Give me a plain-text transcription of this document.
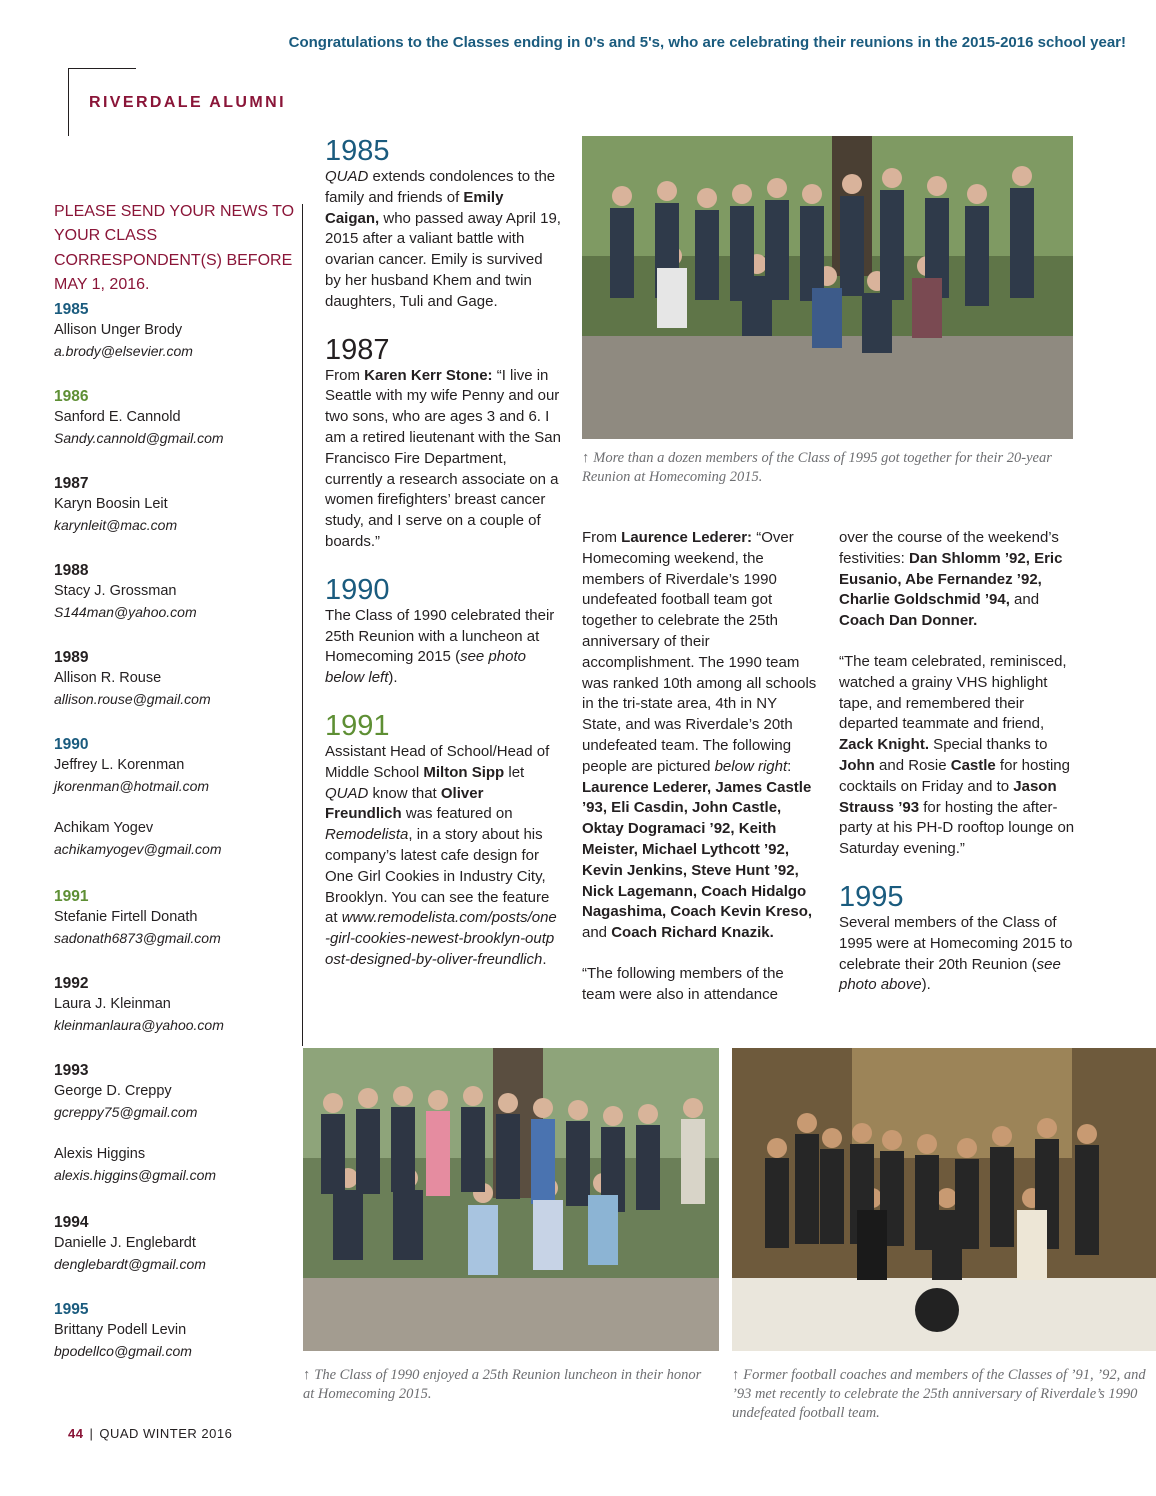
Congratulations to the Classes ending in 0's and 5's, who are celebrating their reunions in the 2015-2016 school year!
RIVERDALE ALUMNI
PLEASE SEND YOUR NEWS TO YOUR CLASS CORRESPONDENT(S) BEFORE MAY 1, 2016.
1985
Allison Unger Brody
a.brody@elsevier.com
1986
Sanford E. Cannold
Sandy.cannold@gmail.com
1987
Karyn Boosin Leit
karynleit@mac.com
1988
Stacy J. Grossman
S144man@yahoo.com
1989
Allison R. Rouse
allison.rouse@gmail.com
1990
Jeffrey L. Korenman
jkorenman@hotmail.com
Achikam Yogev
achikamyogev@gmail.com
1991
Stefanie Firtell Donath
sadonath6873@gmail.com
1992
Laura J. Kleinman
kleinmanlaura@yahoo.com
1993
George D. Creppy
gcreppy75@gmail.com
Alexis Higgins
alexis.higgins@gmail.com
1994
Danielle J. Englebardt
denglebardt@gmail.com
1995
Brittany Podell Levin
bpodellco@gmail.com
1985

QUAD extends condolences to the family and friends of Emily Caigan, who passed away April 19, 2015 after a valiant battle with ovarian cancer. Emily is survived by her husband Khem and twin daughters, Tuli and Gage.

1987

From Karen Kerr Stone: “I live in Seattle with my wife Penny and our two sons, who are ages 3 and 6. I am a retired lieutenant with the San Francisco Fire Department, currently a research associate on a women firefighters’ breast cancer study, and I serve on a couple of boards.”

1990

The Class of 1990 celebrated their 25th Reunion with a luncheon at Homecoming 2015 (see photo below left).

1991

Assistant Head of School/Head of Middle School Milton Sipp let QUAD know that Oliver Freundlich was featured on Remodelista, in a story about his company’s latest cafe design for One Girl Cookies in Industry City, Brooklyn. You can see the feature at www.remodelista.com/posts/one-girl-cookies-newest-brooklyn-outpost-designed-by-oliver-freundlich.

↑ More than a dozen members of the Class of 1995 got together for their 20-year Reunion at Homecoming 2015.

From Laurence Lederer: “Over Homecoming weekend, the members of Riverdale’s 1990 undefeated football team got together to celebrate the 25th anniversary of their accomplishment. The 1990 team was ranked 10th among all schools in the tri-state area, 4th in NY State, and was Riverdale’s 20th undefeated team. The following people are pictured below right: Laurence Lederer, James Castle ’93, Eli Casdin, John Castle, Oktay Dogramaci ’92, Keith Meister, Michael Lythcott ’92, Kevin Jenkins, Steve Hunt ’92, Nick Lagemann, Coach Hidalgo Nagashima, Coach Kevin Kreso, and Coach Richard Knazik.

“The following members of the team were also in attendance

over the course of the weekend’s festivities: Dan Shlomm ’92, Eric Eusanio, Abe Fernandez ’92, Charlie Goldschmid ’94, and Coach Dan Donner.

“The team celebrated, reminisced, watched a grainy VHS highlight tape, and remembered their departed teammate and friend, Zack Knight. Special thanks to John and Rosie Castle for hosting cocktails on Friday and to Jason Strauss ’93 for hosting the after-party at his PH-D rooftop lounge on Saturday evening.”

1995

Several members of the Class of 1995 were at Homecoming 2015 to celebrate their 20th Reunion (see photo above).

↑ The Class of 1990 enjoyed a 25th Reunion luncheon in their honor at Homecoming 2015.
↑ Former football coaches and members of the Classes of ’91, ’92, and ’93 met recently to celebrate the 25th anniversary of Riverdale’s 1990 undefeated football team.
44 | QUAD WINTER 2016
